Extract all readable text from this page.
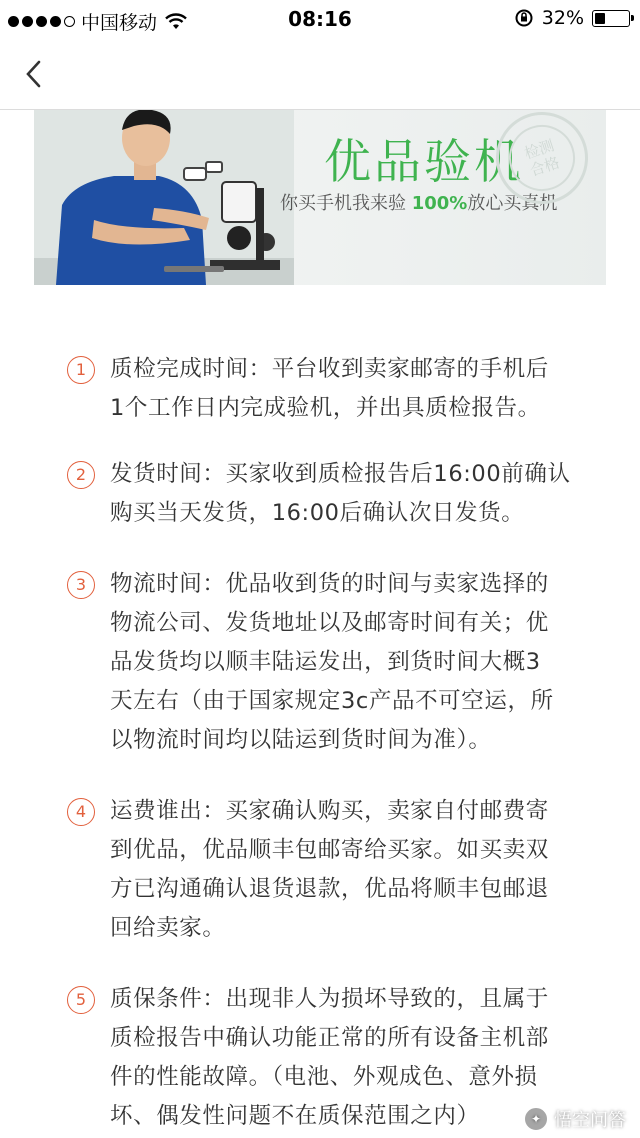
中国移动	08:16	32%
优品验机
你买手机我来验 100%放心买真机
检测合格
1	质检完成时间：平台收到卖家邮寄的手机后
1个工作日内完成验机，并出具质检报告。
2	发货时间：买家收到质检报告后16:00前确认
购买当天发货，16:00后确认次日发货。
3	物流时间：优品收到货的时间与卖家选择的
物流公司、发货地址以及邮寄时间有关；优
品发货均以顺丰陆运发出，到货时间大概3
天左右（由于国家规定3c产品不可空运，所
以物流时间均以陆运到货时间为准）。
4	运费谁出：买家确认购买，卖家自付邮费寄
到优品，优品顺丰包邮寄给买家。如买卖双
方已沟通确认退货退款，优品将顺丰包邮退
回给卖家。
5	质保条件：出现非人为损坏导致的，且属于
质检报告中确认功能正常的所有设备主机部
件的性能故障。（电池、外观成色、意外损
坏、偶发性问题不在质保范围之内）	✦ 悟空问答
